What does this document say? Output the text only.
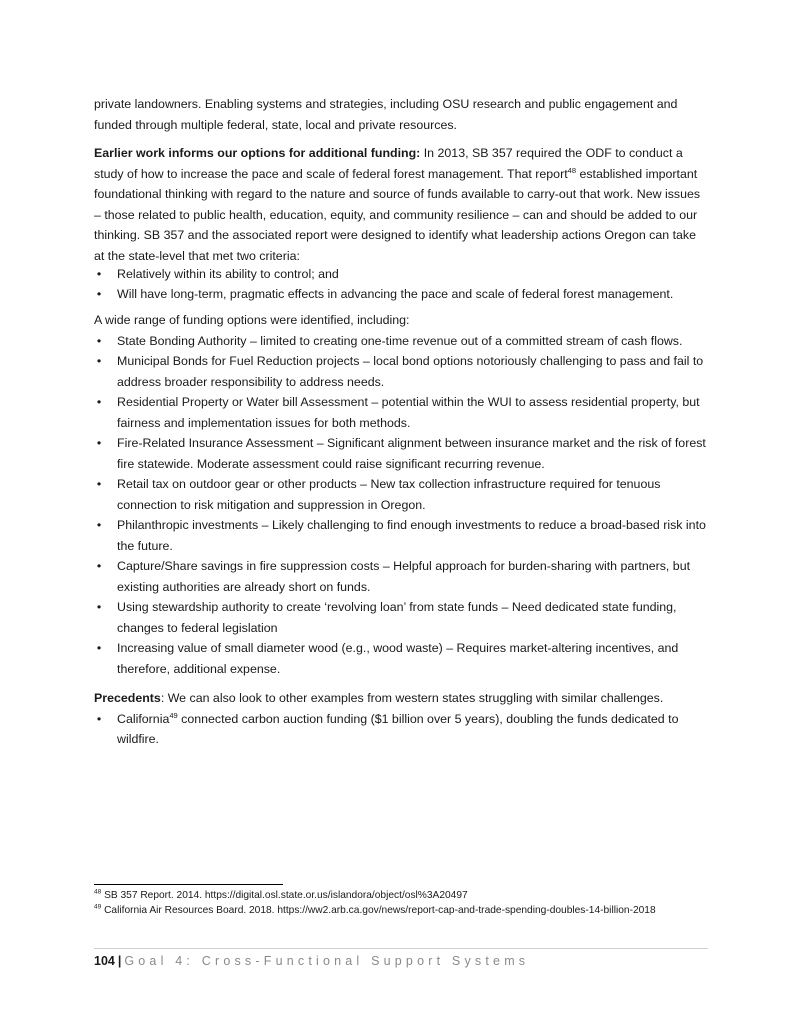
private landowners. Enabling systems and strategies, including OSU research and public engagement and funded through multiple federal, state, local and private resources.

Earlier work informs our options for additional funding: In 2013, SB 357 required the ODF to conduct a study of how to increase the pace and scale of federal forest management. That report$^{48}$ established important foundational thinking with regard to the nature and source of funds available to carry-out that work. New issues – those related to public health, education, equity, and community resilience – can and should be added to our thinking. SB 357 and the associated report were designed to identify what leadership actions Oregon can take at the state-level that met two criteria:

• Relatively within its ability to control; and
• Will have long-term, pragmatic effects in advancing the pace and scale of federal forest management.

A wide range of funding options were identified, including:

• State Bonding Authority – limited to creating one-time revenue out of a committed stream of cash flows.
• Municipal Bonds for Fuel Reduction projects – local bond options notoriously challenging to pass and fail to address broader responsibility to address needs.
• Residential Property or Water bill Assessment – potential within the WUI to assess residential property, but fairness and implementation issues for both methods.
• Fire-Related Insurance Assessment – Significant alignment between insurance market and the risk of forest fire statewide. Moderate assessment could raise significant recurring revenue.
• Retail tax on outdoor gear or other products – New tax collection infrastructure required for tenuous connection to risk mitigation and suppression in Oregon.
• Philanthropic investments – Likely challenging to find enough investments to reduce a broad-based risk into the future.
• Capture/Share savings in fire suppression costs – Helpful approach for burden-sharing with partners, but existing authorities are already short on funds.
• Using stewardship authority to create ‘revolving loan’ from state funds – Need dedicated state funding, changes to federal legislation
• Increasing value of small diameter wood (e.g., wood waste) – Requires market-altering incentives, and therefore, additional expense.

Precedents: We can also look to other examples from western states struggling with similar challenges.

• California$^{49}$ connected carbon auction funding ($1 billion over 5 years), doubling the funds dedicated to wildfire.

$^{48}$ SB 357 Report. 2014. https://digital.osl.state.or.us/islandora/object/osl%3A20497

$^{49}$ California Air Resources Board. 2018. https://ww2.arb.ca.gov/news/report-cap-and-trade-spending-doubles-14-billion-2018

104 | Goal 4: Cross-Functional Support Systems
